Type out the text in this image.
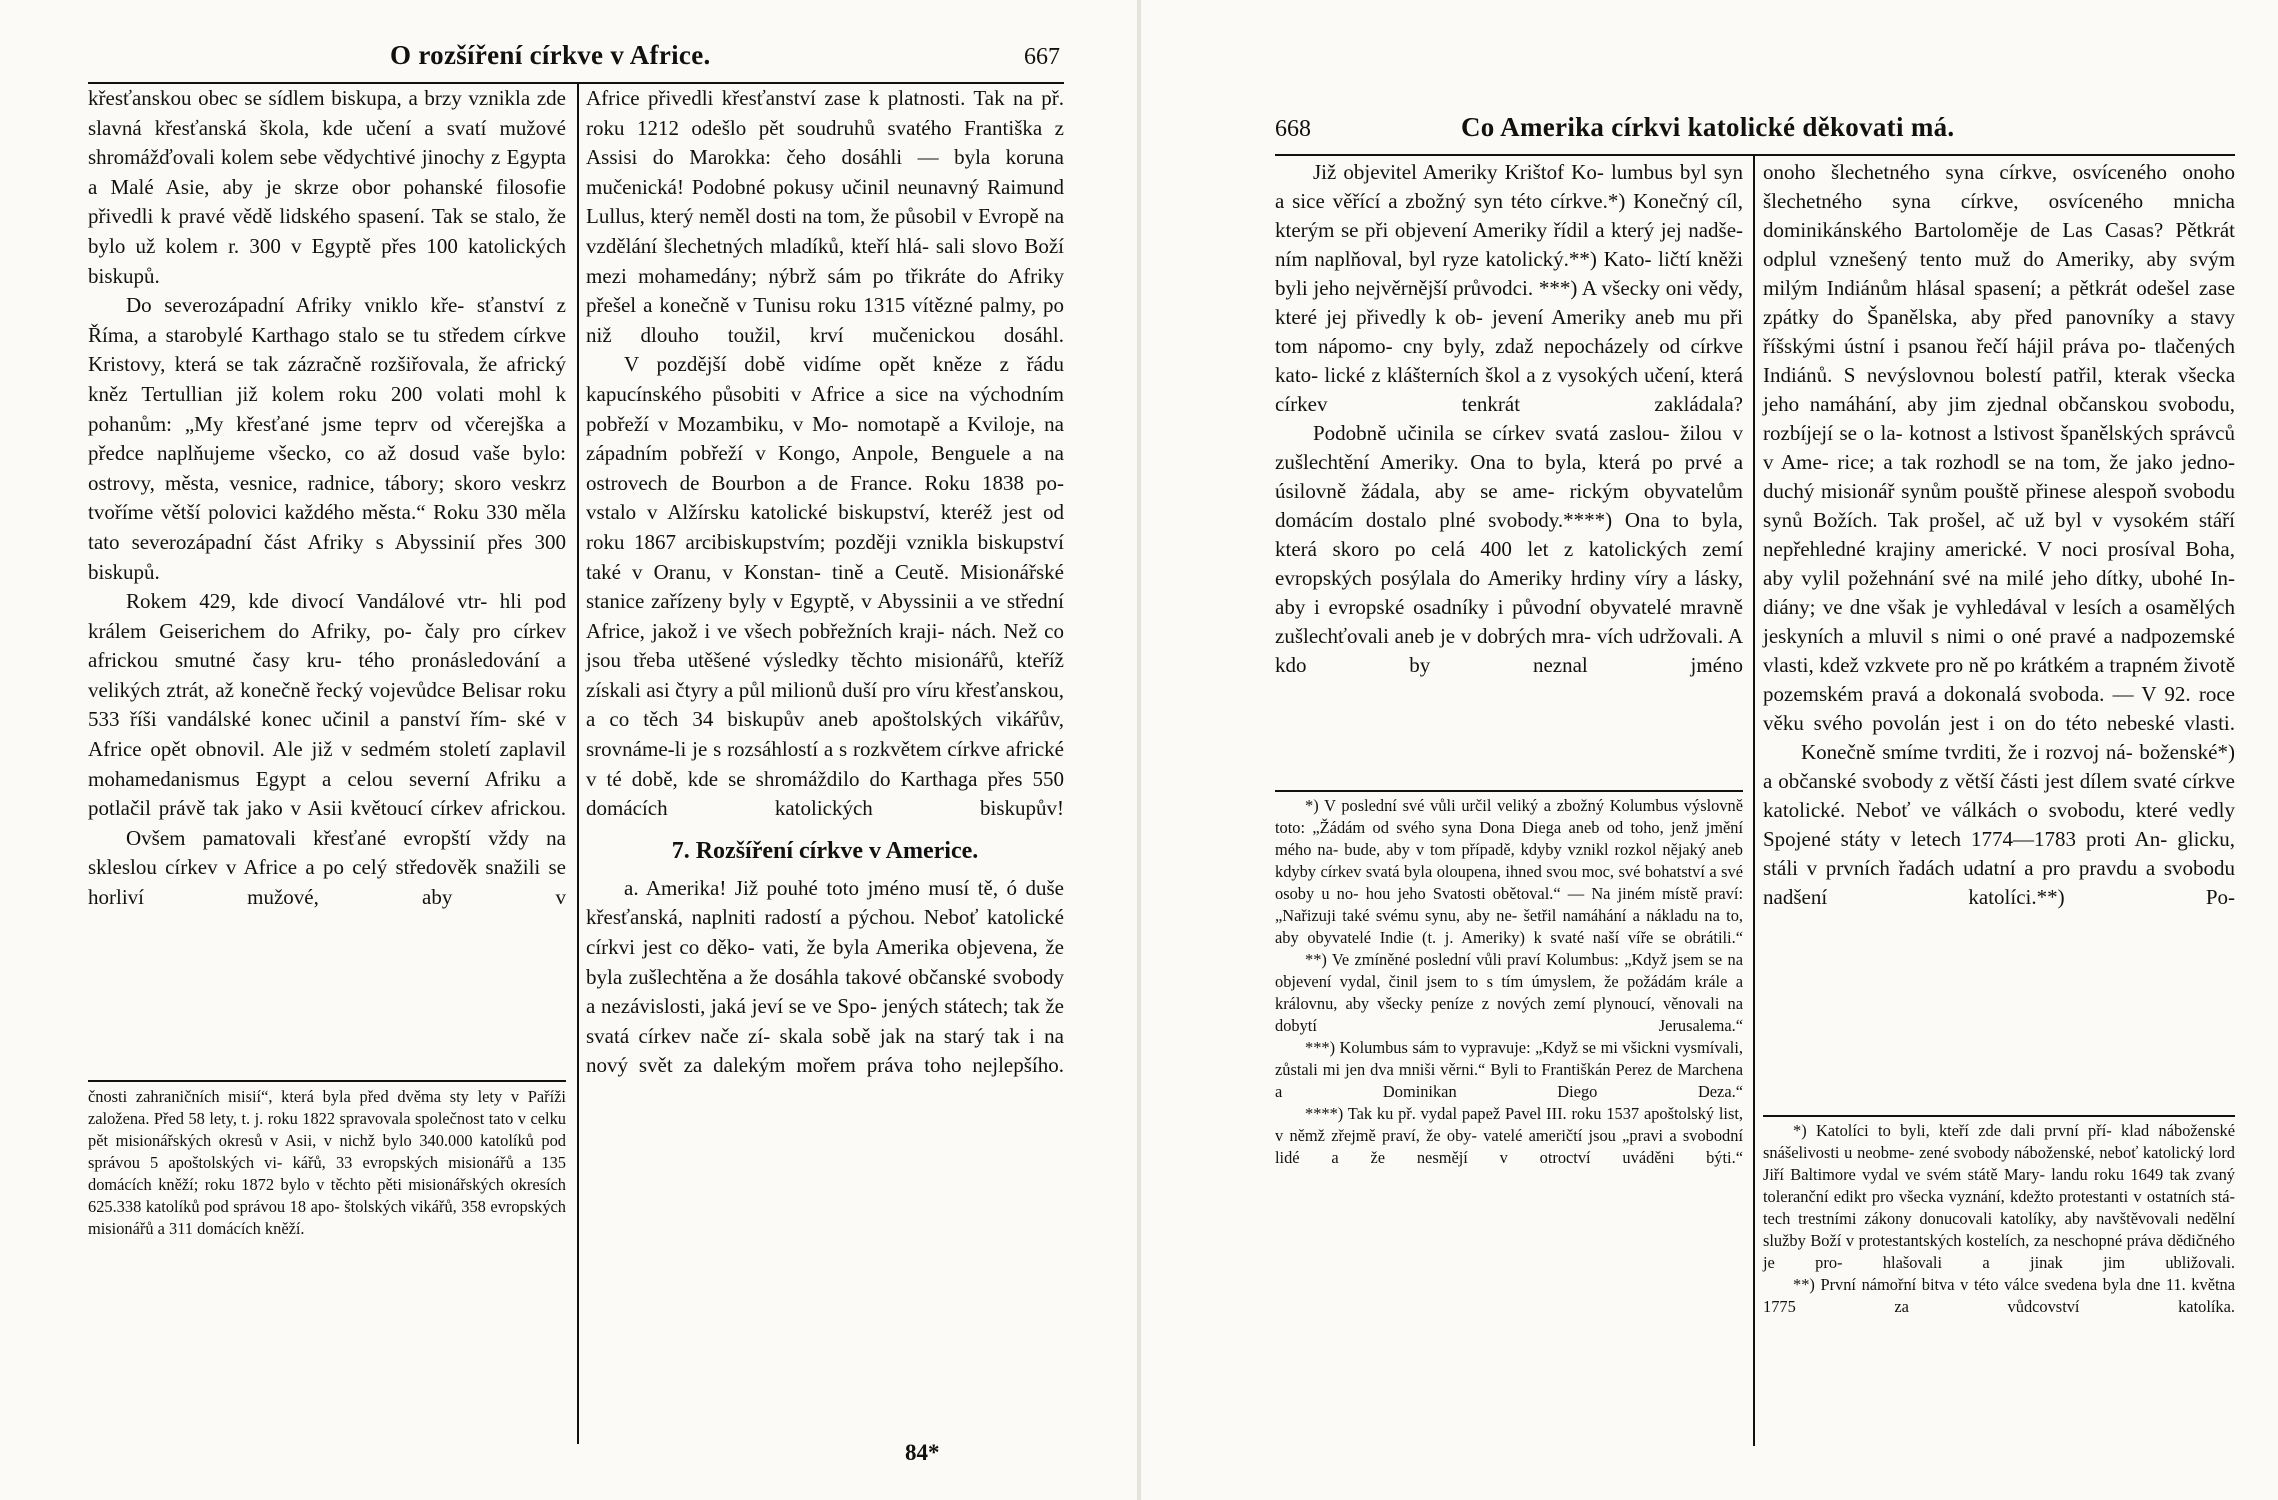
O rozšíření církve v Africe.	667

křesťanskou obec se sídlem biskupa, a brzy vznikla zde slavná křesťanská škola, kde učení a svatí mužové shromážďovali kolem sebe vědychtivé jinochy z Egypta a Malé Asie, aby je skrze obor pohanské filosofie přivedli k pravé vědě lidského spasení. Tak se stalo, že bylo už kolem r. 300 v Egyptě přes 100 katolických biskupů.

Do severozápadní Afriky vniklo kře- sťanství z Říma, a starobylé Karthago stalo se tu středem církve Kristovy, která se tak zázračně rozšiřovala, že africký kněz Tertullian již kolem roku 200 volati mohl k pohanům: „My křesťané jsme teprv od včerejška a předce naplňujeme všecko, co až dosud vaše bylo: ostrovy, města, vesnice, radnice, tábory; skoro veskrz tvoříme větší polovici každého města.“ Roku 330 měla tato severozápadní část Afriky s Abyssinií přes 300 biskupů.

Rokem 429, kde divocí Vandálové vtr- hli pod králem Geiserichem do Afriky, po- čaly pro církev africkou smutné časy kru- tého pronásledování a velikých ztrát, až konečně řecký vojevůdce Belisar roku 533 říši vandálské konec učinil a panství řím- ské v Africe opět obnovil. Ale již v sedmém století zaplavil mohamedanismus Egypt a celou severní Afriku a potlačil právě tak jako v Asii květoucí církev africkou.

Ovšem pamatovali křesťané evropští vždy na skleslou církev v Africe a po celý středověk snažili se horliví mužové, aby v

čnosti zahraničních misií“, která byla před dvěma sty lety v Paříži založena. Před 58 lety, t. j. roku 1822 spravovala společnost tato v celku pět misionářských okresů v Asii, v nichž bylo 340.000 katolíků pod správou 5 apoštolských vi- kářů, 33 evropských misionářů a 135 domácích kněží; roku 1872 bylo v těchto pěti misionářských okresích 625.338 katolíků pod správou 18 apo- štolských vikářů, 358 evropských misionářů a 311 domácích kněží.

Africe přivedli křesťanství zase k platnosti. Tak na př. roku 1212 odešlo pět soudruhů svatého Františka z Assisi do Marokka: čeho dosáhli — byla koruna mučenická! Podobné pokusy učinil neunavný Raimund Lullus, který neměl dosti na tom, že působil v Evropě na vzdělání šlechetných mladíků, kteří hlá- sali slovo Boží mezi mohamedány; nýbrž sám po třikráte do Afriky přešel a konečně v Tunisu roku 1315 vítězné palmy, po niž dlouho toužil, krví mučenickou dosáhl.

V pozdější době vidíme opět kněze z řádu kapucínského působiti v Africe a sice na východním pobřeží v Mozambiku, v Mo- nomotapě a Kviloje, na západním pobřeží v Kongo, Anpole, Benguele a na ostrovech de Bourbon a de France. Roku 1838 po- vstalo v Alžírsku katolické biskupství, kteréž jest od roku 1867 arcibiskupstvím; později vznikla biskupství také v Oranu, v Konstan- tině a Ceutě. Misionářské stanice zařízeny byly v Egyptě, v Abyssinii a ve střední Africe, jakož i ve všech pobřežních kraji- nách. Než co jsou třeba utěšené výsledky těchto misionářů, kteříž získali asi čtyry a půl milionů duší pro víru křesťanskou, a co těch 34 biskupův aneb apoštolských vikářův, srovnáme-li je s rozsáhlostí a s rozkvětem církve africké v té době, kde se shromáždilo do Karthaga přes 550 domácích katolických	biskupův!

7. Rozšíření církve v Americe.

a. Amerika! Již pouhé toto jméno musí tě, ó duše křesťanská, naplniti radostí a pýchou. Neboť katolické církvi jest co děko- vati, že byla Amerika objevena, že byla zušlechtěna a že dosáhla takové občanské svobody a nezávislosti, jaká jeví se ve Spo- jených státech; tak že svatá církev nače zí- skala sobě jak na starý tak i na nový svět za dalekým mořem práva toho nejlepšího.

84*
668	Co Amerika církvi katolické děkovati má.

Již objevitel Ameriky Krištof Ko- lumbus byl syn a sice věřící a zbožný syn této církve.*) Konečný cíl, kterým se při objevení Ameriky řídil a který jej nadše- ním naplňoval, byl ryze katolický.**) Kato- ličtí kněži byli jeho nejvěrnější průvodci. ***) A všecky oni vědy, které jej přivedly k ob- jevení Ameriky aneb mu při tom nápomo- cny byly, zdaž nepocházely od církve kato- lické z klášterních škol a z vysokých učení, která církev tenkrát zakládala?

Podobně učinila se církev svatá zaslou- žilou v zušlechtění Ameriky. Ona to byla, která po prvé a úsilovně žádala, aby se ame- rickým obyvatelům domácím dostalo plné svobody.****) Ona to byla, která skoro po celá 400 let z katolických zemí evropských posýlala do Ameriky hrdiny víry a lásky, aby i evropské osadníky i původní obyvatelé mravně zušlechťovali aneb je v dobrých mra- vích udržovali. A kdo by neznal jméno

*) V poslední své vůli určil veliký a zbožný Kolumbus výslovně toto: „Žádám od svého syna Dona Diega aneb od toho, jenž jmění mého na- bude, aby v tom případě, kdyby vznikl rozkol nějaký aneb kdyby církev svatá byla oloupena, ihned svou moc, své bohatství a své osoby u no- hou jeho Svatosti obětoval.“ — Na jiném místě praví: „Nařizuji také svému synu, aby ne- šetřil namáhání a nákladu na to, aby obyvatelé Indie (t. j. Ameriky) k svaté naší víře se obrátili.“

**) Ve zmíněné poslední vůli praví Kolumbus: „Když jsem se na objevení vydal, činil jsem to s tím úmyslem, že požádám krále a královnu, aby všecky peníze z nových zemí plynoucí, věnovali na dobytí Jerusalema.“

***) Kolumbus sám to vypravuje: „Když se mi všickni vysmívali, zůstali mi jen dva mniši věrni.“ Byli to Františkán Perez de Marchena a	Dominikan Diego Deza.“

****) Tak ku př. vydal papež Pavel III. roku 1537 apoštolský list, v němž zřejmě praví, že oby- vatelé američtí jsou „pravi a svobodní lidé a že nesmějí v otroctví uváděni býti.“

onoho šlechetného syna církve, osvíceného onoho šlechetného syna církve, osvíceného mnicha dominikánského Bartoloměje de Las Casas? Pětkrát odplul vznešený tento muž do Ameriky, aby svým milým Indiánům hlásal spasení; a pětkrát odešel zase zpátky do Španělska, aby před panovníky a stavy říšskými ústní i psanou řečí hájil práva po- tlačených Indiánů. S nevýslovnou bolestí patřil, kterak všecka jeho namáhání, aby jim zjednal občanskou svobodu, rozbíjejí se o la- kotnost a lstivost španělských správců v Ame- rice; a tak rozhodl se na tom, že jako jedno- duchý misionář synům pouště přinese alespoň svobodu synů Božích. Tak prošel, ač už byl v vysokém stáří nepřehledné krajiny americké. V noci prosíval Boha, aby vylil požehnání své na milé jeho dítky, ubohé In- diány; ve dne však je vyhledával v lesích a osamělých jeskyních a mluvil s nimi o oné pravé a nadpozemské vlasti, kdež vzkvete pro ně po krátkém a trapném životě pozemském pravá a dokonalá svoboda. — V 92. roce věku svého povolán jest i on do této nebeské vlasti.

Konečně smíme tvrditi, že i rozvoj ná- boženské*) a občanské svobody z větší části jest dílem svaté církve katolické. Neboť ve válkách o svobodu, které vedly Spojené státy v letech 1774—1783 proti An- glicku, stáli v prvních řadách udatní a pro pravdu a svobodu nadšení katolíci.**) Po-

*) Katolíci to byli, kteří zde dali první pří- klad náboženské snášelivosti u neobme- zené svobody náboženské, neboť katolický lord Jiří Baltimore vydal ve svém státě Mary- landu roku 1649 tak zvaný toleranční edikt pro všecka vyznání, kdežto protestanti v ostatních stá- tech trestními zákony donucovali katolíky, aby navštěvovali nedělní služby Boží v protestantských kostelích, za neschopné práva dědičného je pro- hlašovali a jinak jim ubližovali.

**) První námořní bitva v této válce svedena byla dne 11. května 1775 za vůdcovství katolíka.
